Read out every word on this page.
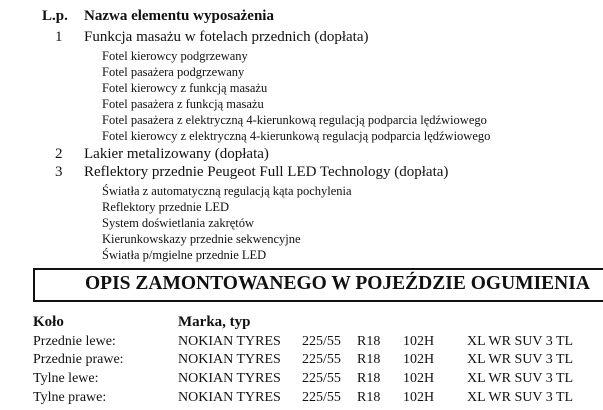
L.p. Nazwa elementu wyposażenia
1 Funkcja masażu w fotelach przednich (dopłata)
Fotel kierowcy podgrzewany
Fotel pasażera podgrzewany
Fotel kierowcy z funkcją masażu
Fotel pasażera z funkcją masażu
Fotel pasażera z elektryczną 4-kierunkową regulacją podparcia lędźwiowego
Fotel kierowcy z elektryczną 4-kierunkową regulacją podparcia lędźwiowego
2 Lakier metalizowany (dopłata)
3 Reflektory przednie Peugeot Full LED Technology (dopłata)
Światła z automatyczną regulacją kąta pochylenia
Reflektory przednie LED
System doświetlania zakrętów
Kierunkowskazy przednie sekwencyjne
Światła p/mgielne przednie LED
OPIS ZAMONTOWANEGO W POJEŹDZIE OGUMIENIA
Koło	Marka, typ
Przednie lewe:	NOKIAN TYRES 225/55 R18 102H XL WR SUV 3 TL
Przednie prawe:	NOKIAN TYRES 225/55 R18 102H XL WR SUV 3 TL
Tylne lewe:	NOKIAN TYRES 225/55 R18 102H XL WR SUV 3 TL
Tylne prawe:	NOKIAN TYRES 225/55 R18 102H XL WR SUV 3 TL
